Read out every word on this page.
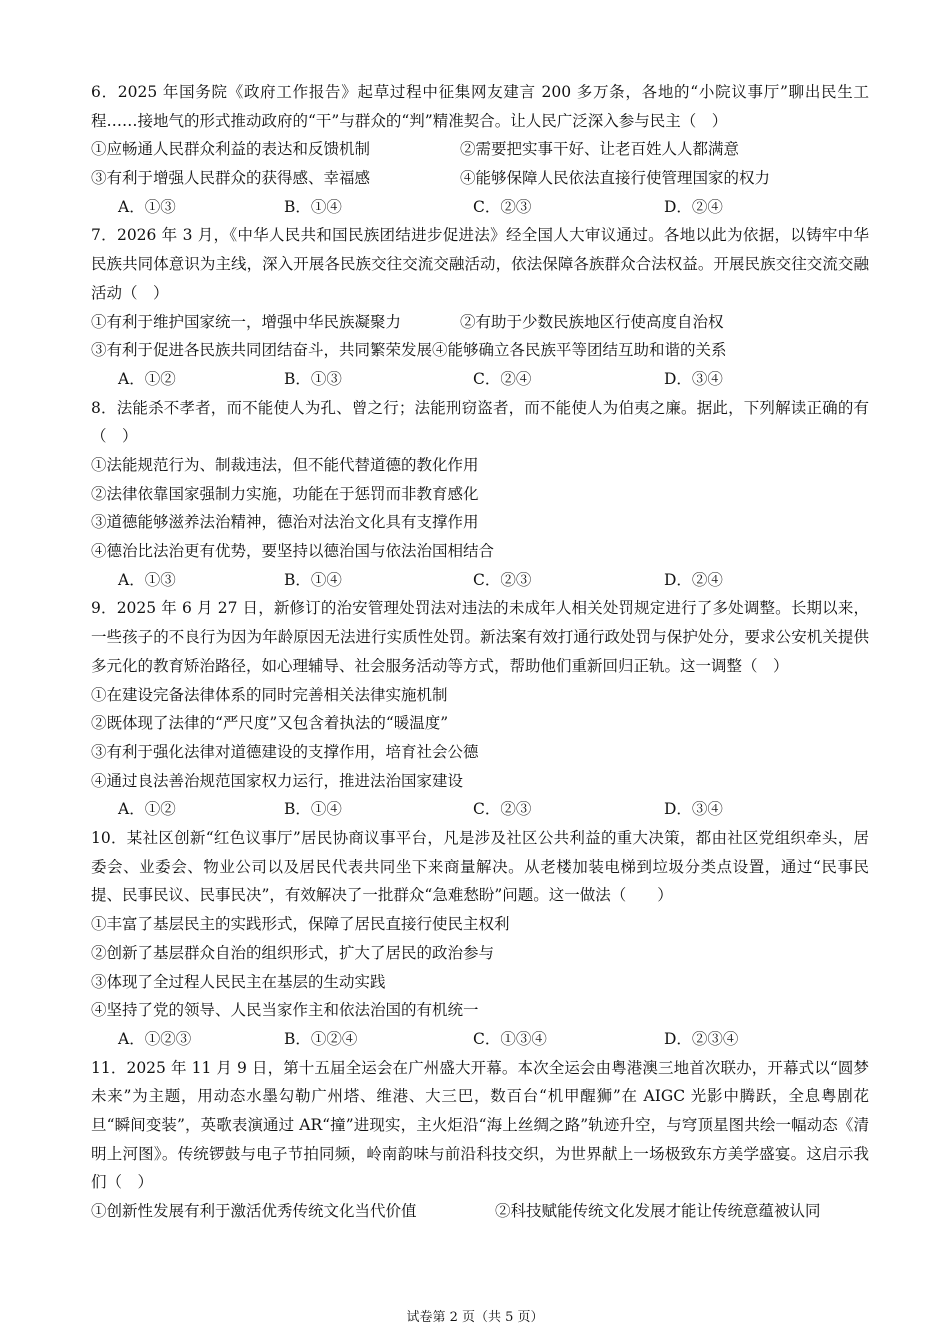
6．2025 年国务院《政府工作报告》起草过程中征集网友建言 200 多万条，各地的“小院议事厅”聊出民生工程……接地气的形式推动政府的“干”与群众的“判”精准契合。让人民广泛深入参与民主（　）

①应畅通人民群众利益的表达和反馈机制	②需要把实事干好、让老百姓人人都满意
③有利于增强人民群众的获得感、幸福感	④能够保障人民依法直接行使管理国家的权力
A．①③	B．①④	C．②③	D．②④

7．2026 年 3 月，《中华人民共和国民族团结进步促进法》经全国人大审议通过。各地以此为依据，以铸牢中华民族共同体意识为主线，深入开展各民族交往交流交融活动，依法保障各族群众合法权益。开展民族交往交流交融活动（　）

①有利于维护国家统一，增强中华民族凝聚力	②有助于少数民族地区行使高度自治权
③有利于促进各民族共同团结奋斗，共同繁荣发展④能够确立各民族平等团结互助和谐的关系
A．①②	B．①③	C．②④	D．③④

8．法能杀不孝者，而不能使人为孔、曾之行；法能刑窃盗者，而不能使人为伯夷之廉。据此，下列解读正确的有（　）

①法能规范行为、制裁违法，但不能代替道德的教化作用
②法律依靠国家强制力实施，功能在于惩罚而非教育感化
③道德能够滋养法治精神，德治对法治文化具有支撑作用
④德治比法治更有优势，要坚持以德治国与依法治国相结合
A．①③	B．①④	C．②③	D．②④

9．2025 年 6 月 27 日，新修订的治安管理处罚法对违法的未成年人相关处罚规定进行了多处调整。长期以来，一些孩子的不良行为因为年龄原因无法进行实质性处罚。新法案有效打通行政处罚与保护处分，要求公安机关提供多元化的教育矫治路径，如心理辅导、社会服务活动等方式，帮助他们重新回归正轨。这一调整（　）

①在建设完备法律体系的同时完善相关法律实施机制
②既体现了法律的“严尺度”又包含着执法的“暖温度”
③有利于强化法律对道德建设的支撑作用，培育社会公德
④通过良法善治规范国家权力运行，推进法治国家建设
A．①②	B．①④	C．②③	D．③④

10．某社区创新“红色议事厅”居民协商议事平台，凡是涉及社区公共利益的重大决策，都由社区党组织牵头，居委会、业委会、物业公司以及居民代表共同坐下来商量解决。从老楼加装电梯到垃圾分类点设置，通过“民事民提、民事民议、民事民决”，有效解决了一批群众“急难愁盼”问题。这一做法（　　）

①丰富了基层民主的实践形式，保障了居民直接行使民主权利
②创新了基层群众自治的组织形式，扩大了居民的政治参与
③体现了全过程人民民主在基层的生动实践
④坚持了党的领导、人民当家作主和依法治国的有机统一
A．①②③	B．①②④	C．①③④	D．②③④

11．2025 年 11 月 9 日，第十五届全运会在广州盛大开幕。本次全运会由粤港澳三地首次联办，开幕式以“圆梦未来”为主题，用动态水墨勾勒广州塔、维港、大三巴，数百台“机甲醒狮”在 AIGC 光影中腾跃，全息粤剧花旦“瞬间变装”，英歌表演通过 AR“撞”进现实，主火炬沿“海上丝绸之路”轨迹升空，与穹顶星图共绘一幅动态《清明上河图》。传统锣鼓与电子节拍同频，岭南韵味与前沿科技交织，为世界献上一场极致东方美学盛宴。这启示我们（　）

①创新性发展有利于激活优秀传统文化当代价值	②科技赋能传统文化发展才能让传统意蕴被认同
试卷第 2 页（共 5 页）
